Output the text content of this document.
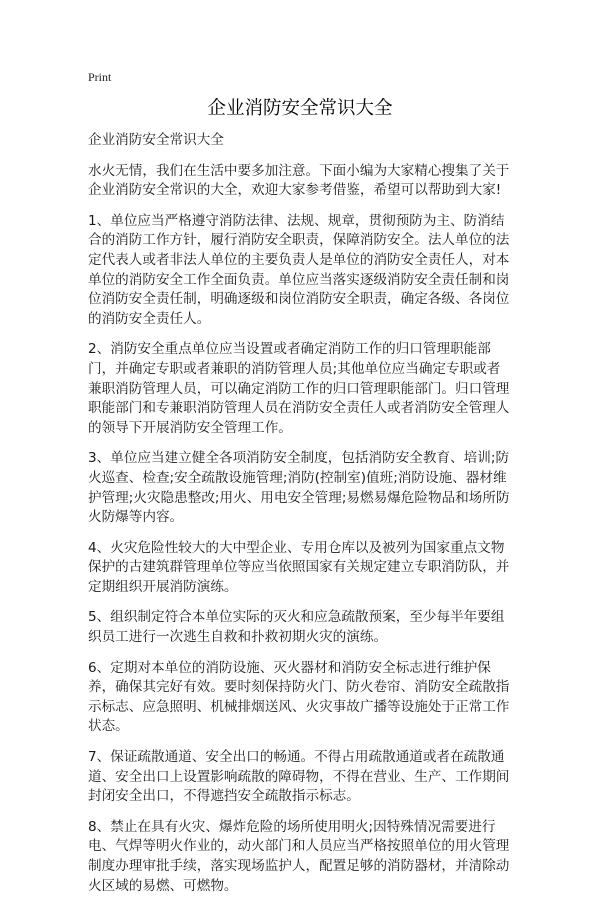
Print
企业消防安全常识大全

企业消防安全常识大全

水火无情，我们在生活中要多加注意。下面小编为大家精心搜集了关于企业消防安全常识的大全，欢迎大家参考借鉴，希望可以帮助到大家!

1、单位应当严格遵守消防法律、法规、规章，贯彻预防为主、防消结合的消防工作方针，履行消防安全职责，保障消防安全。法人单位的法定代表人或者非法人单位的主要负责人是单位的消防安全责任人，对本单位的消防安全工作全面负责。单位应当落实逐级消防安全责任制和岗位消防安全责任制，明确逐级和岗位消防安全职责，确定各级、各岗位的消防安全责任人。

2、消防安全重点单位应当设置或者确定消防工作的归口管理职能部门，并确定专职或者兼职的消防管理人员;其他单位应当确定专职或者兼职消防管理人员，可以确定消防工作的归口管理职能部门。归口管理职能部门和专兼职消防管理人员在消防安全责任人或者消防安全管理人的领导下开展消防安全管理工作。

3、单位应当建立健全各项消防安全制度，包括消防安全教育、培训;防火巡查、检查;安全疏散设施管理;消防(控制室)值班;消防设施、器材维护管理;火灾隐患整改;用火、用电安全管理;易燃易爆危险物品和场所防火防爆等内容。

4、火灾危险性较大的大中型企业、专用仓库以及被列为国家重点文物保护的古建筑群管理单位等应当依照国家有关规定建立专职消防队，并定期组织开展消防演练。

5、组织制定符合本单位实际的灭火和应急疏散预案，至少每半年要组织员工进行一次逃生自救和扑救初期火灾的演练。

6、定期对本单位的消防设施、灭火器材和消防安全标志进行维护保养，确保其完好有效。要时刻保持防火门、防火卷帘、消防安全疏散指示标志、应急照明、机械排烟送风、火灾事故广播等设施处于正常工作状态。

7、保证疏散通道、安全出口的畅通。不得占用疏散通道或者在疏散通道、安全出口上设置影响疏散的障碍物，不得在营业、生产、工作期间封闭安全出口，不得遮挡安全疏散指示标志。

8、禁止在具有火灾、爆炸危险的场所使用明火;因特殊情况需要进行电、气焊等明火作业的，动火部门和人员应当严格按照单位的用火管理制度办理审批手续，落实现场监护人，配置足够的消防器材，并清除动火区域的易燃、可燃物。
